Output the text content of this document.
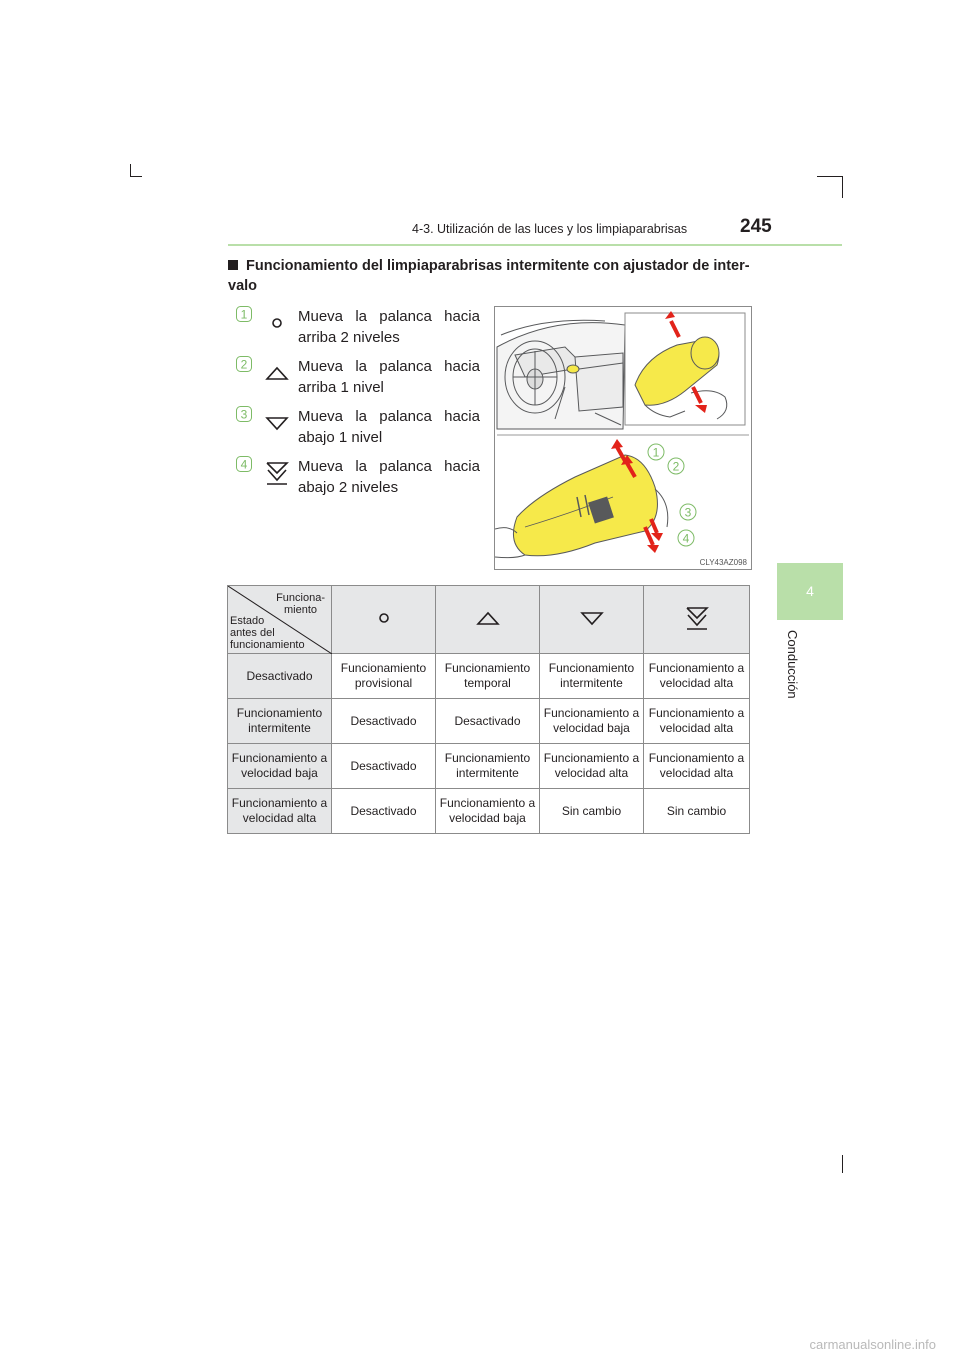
4-3. Utilización de las luces y los limpiaparabrisas	245
4
Conducción
Funcionamiento del limpiaparabrisas intermitente con ajustador de inter-valo
1	Mueva la palanca hacia
arriba 2 niveles
2	Mueva la palanca hacia
arriba 1 nivel
3	Mueva la palanca hacia
abajo 1 nivel
4	Mueva la palanca hacia
abajo 2 niveles
1
2
3
4
CLY43AZ098
Funciona-
miento
Estado
antes del
funcionamiento

Desactivado	Funcionamiento provisional	Funcionamiento temporal	Funcionamiento intermitente	Funcionamiento a velocidad alta
Funcionamiento intermitente	Desactivado	Desactivado	Funcionamiento a velocidad baja	Funcionamiento a velocidad alta
Funcionamiento a velocidad baja	Desactivado	Funcionamiento intermitente	Funcionamiento a velocidad alta	Funcionamiento a velocidad alta
Funcionamiento a velocidad alta	Desactivado	Funcionamiento a velocidad baja	Sin cambio	Sin cambio
carmanualsonline.info
